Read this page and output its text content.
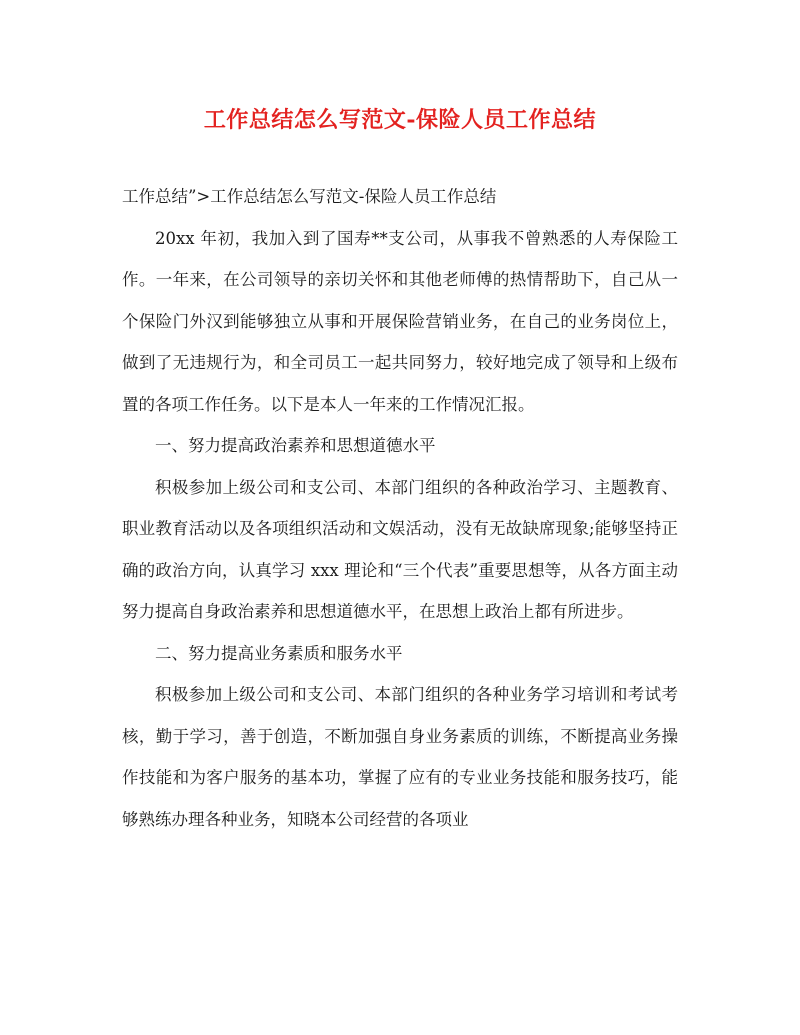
工作总结怎么写范文-保险人员工作总结

工作总结”>工作总结怎么写范文-保险人员工作总结

20xx 年初，我加入到了国寿**支公司，从事我不曾熟悉的人寿保险工作。一年来，在公司领导的亲切关怀和其他老师傅的热情帮助下，自己从一个保险门外汉到能够独立从事和开展保险营销业务，在自己的业务岗位上，做到了无违规行为，和全司员工一起共同努力，较好地完成了领导和上级布置的各项工作任务。以下是本人一年来的工作情况汇报。

一、努力提高政治素养和思想道德水平

积极参加上级公司和支公司、本部门组织的各种政治学习、主题教育、职业教育活动以及各项组织活动和文娱活动，没有无故缺席现象;能够坚持正确的政治方向，认真学习 xxx 理论和“三个代表”重要思想等，从各方面主动努力提高自身政治素养和思想道德水平，在思想上政治上都有所进步。

二、努力提高业务素质和服务水平

积极参加上级公司和支公司、本部门组织的各种业务学习培训和考试考核，勤于学习，善于创造，不断加强自身业务素质的训练，不断提高业务操作技能和为客户服务的基本功，掌握了应有的专业业务技能和服务技巧，能够熟练办理各种业务，知晓本公司经营的各项业
